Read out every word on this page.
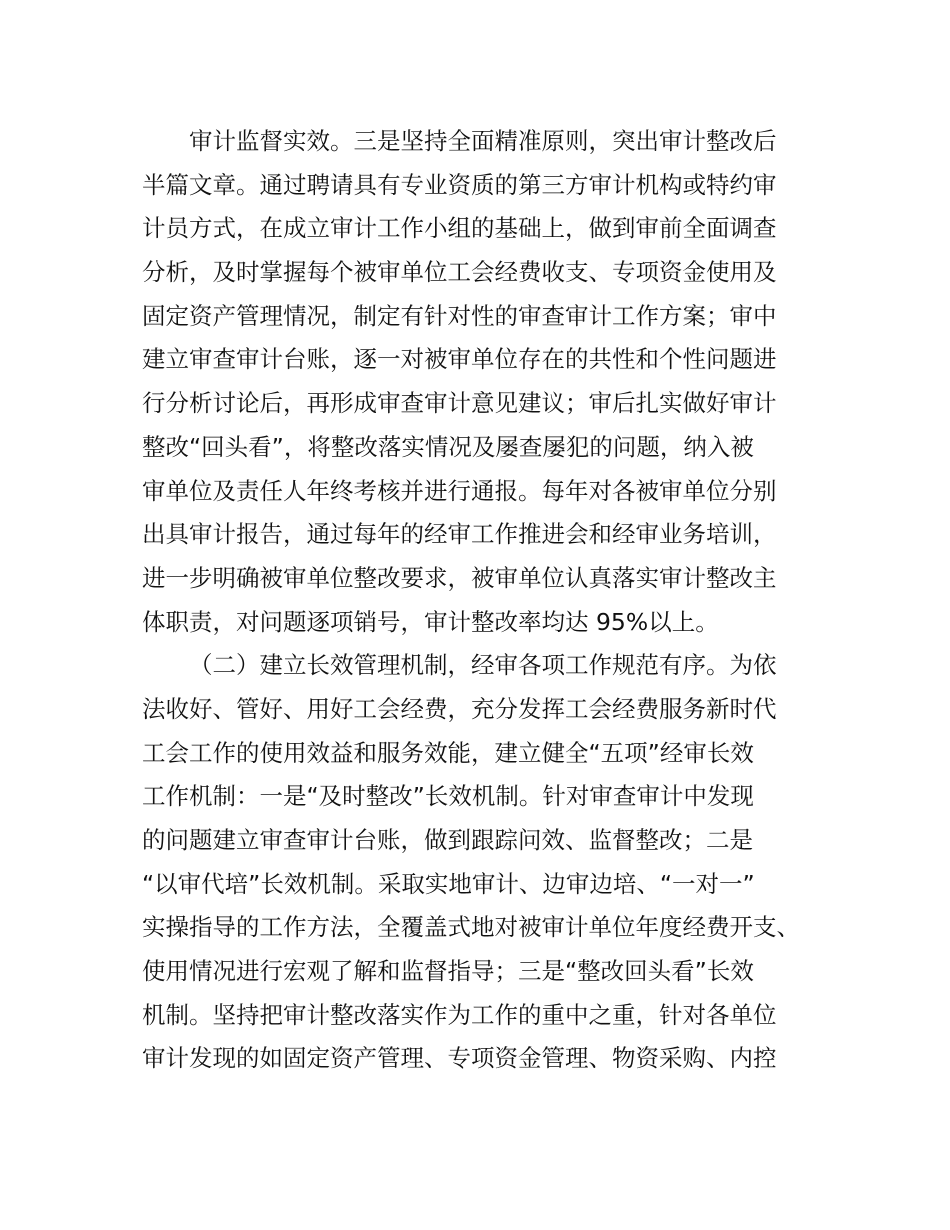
审计监督实效。三是坚持全面精准原则，突出审计整改后
半篇文章。通过聘请具有专业资质的第三方审计机构或特约审
计员方式，在成立审计工作小组的基础上，做到审前全面调查
分析，及时掌握每个被审单位工会经费收支、专项资金使用及
固定资产管理情况，制定有针对性的审查审计工作方案；审中
建立审查审计台账，逐一对被审单位存在的共性和个性问题进
行分析讨论后，再形成审查审计意见建议；审后扎实做好审计
整改“回头看”，将整改落实情况及屡查屡犯的问题，纳入被
审单位及责任人年终考核并进行通报。每年对各被审单位分别
出具审计报告，通过每年的经审工作推进会和经审业务培训，
进一步明确被审单位整改要求，被审单位认真落实审计整改主
体职责，对问题逐项销号，审计整改率均达 95%以上。
（二）建立长效管理机制，经审各项工作规范有序。为依
法收好、管好、用好工会经费，充分发挥工会经费服务新时代
工会工作的使用效益和服务效能，建立健全“五项”经审长效
工作机制：一是“及时整改”长效机制。针对审查审计中发现
的问题建立审查审计台账，做到跟踪问效、监督整改；二是
“以审代培”长效机制。采取实地审计、边审边培、“一对一”
实操指导的工作方法，全覆盖式地对被审计单位年度经费开支、
使用情况进行宏观了解和监督指导；三是“整改回头看”长效
机制。坚持把审计整改落实作为工作的重中之重，针对各单位
审计发现的如固定资产管理、专项资金管理、物资采购、内控
